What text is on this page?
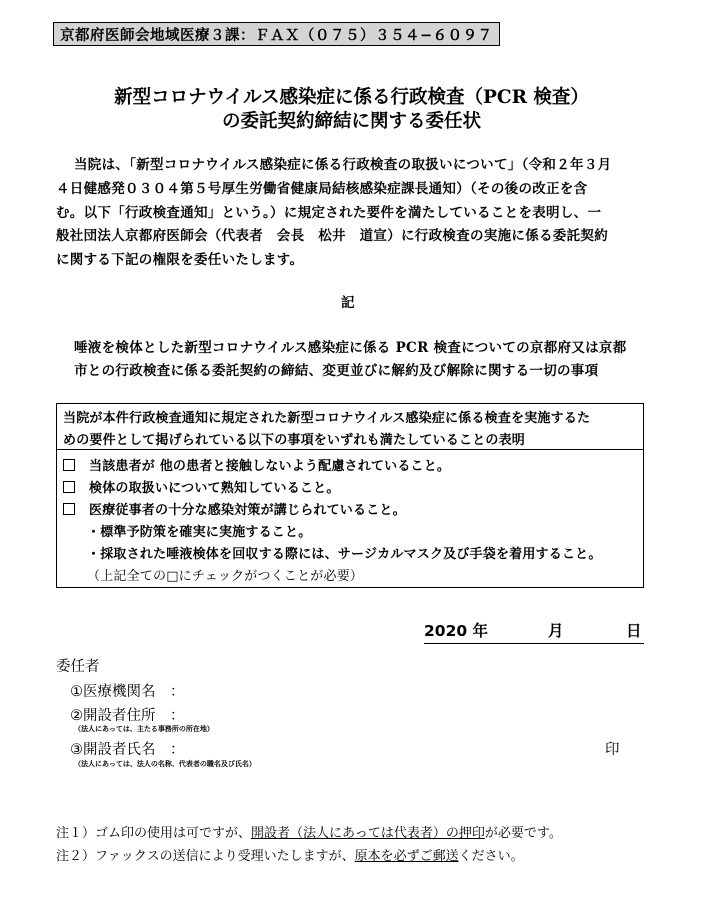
京都府医師会地域医療３課：ＦＡＸ（０７５）３５４−６０９７
新型コロナウイルス感染症に係る行政検査（PCR 検査）
の委託契約締結に関する委任状
当院は、「新型コロナウイルス感染症に係る行政検査の取扱いについて」（令和２年３月
４日健感発０３０４第５号厚生労働省健康局結核感染症課長通知）（その後の改正を含
む。以下「行政検査通知」という。）に規定された要件を満たしていることを表明し、一
般社団法人京都府医師会（代表者　会長　松井　道宣）に行政検査の実施に係る委託契約
に関する下記の権限を委任いたします。
記
唾液を検体とした新型コロナウイルス感染症に係る PCR 検査についての京都府又は京都
市との行政検査に係る委託契約の締結、変更並びに解約及び解除に関する一切の事項
当院が本件行政検査通知に規定された新型コロナウイルス感染症に係る検査を実施するた
めの要件として掲げられている以下の事項をいずれも満たしていることの表明
当該患者が 他の患者と接触しないよう配慮されていること。
検体の取扱いについて熟知していること。
医療従事者の十分な感染対策が講じられていること。
・標準予防策を確実に実施すること。
・採取された唾液検体を回収する際には、サージカルマスク及び手袋を着用すること。
（上記全ての□にチェックがつくことが必要）
2020 年	月	日
委任者
①医療機関名　：
②開設者住所　：
（法人にあっては、主たる事務所の所在地）
③開設者氏名　：	印
（法人にあっては、法人の名称、代表者の職名及び氏名）
注１）ゴム印の使用は可ですが、開設者（法人にあっては代表者）の押印が必要です。
注２）ファックスの送信により受理いたしますが、原本を必ずご郵送ください。
